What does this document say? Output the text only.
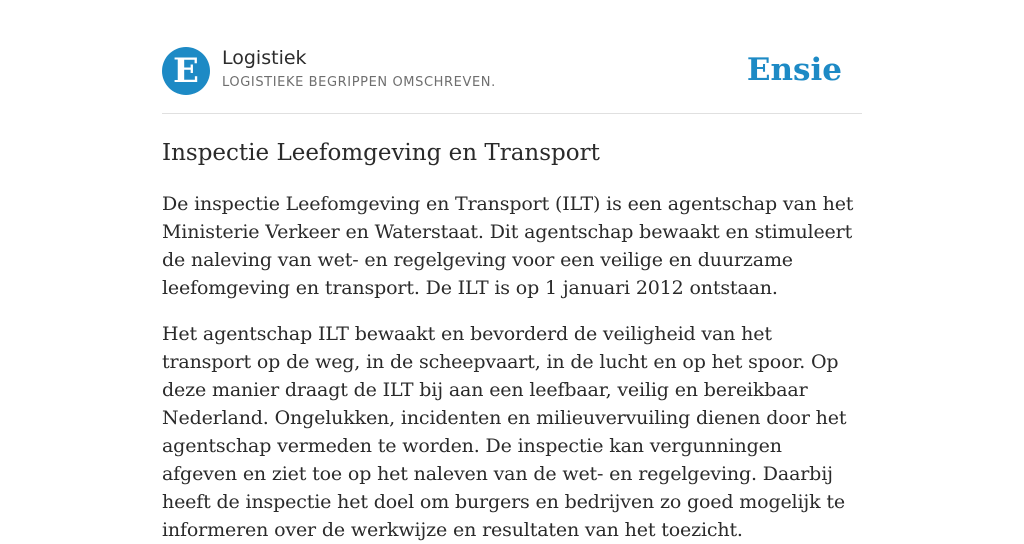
E	Logistiek
LOGISTIEKE BEGRIPPEN OMSCHREVEN.	Ensie
Inspectie Leefomgeving en Transport

De inspectie Leefomgeving en Transport (ILT) is een agentschap van het Ministerie Verkeer en Waterstaat. Dit agentschap bewaakt en stimuleert de naleving van wet- en regelgeving voor een veilige en duurzame leefomgeving en transport. De ILT is op 1 januari 2012 ontstaan.

Het agentschap ILT bewaakt en bevorderd de veiligheid van het transport op de weg, in de scheepvaart, in de lucht en op het spoor. Op deze manier draagt de ILT bij aan een leefbaar, veilig en bereikbaar Nederland. Ongelukken, incidenten en milieuvervuiling dienen door het agentschap vermeden te worden. De inspectie kan vergunningen afgeven en ziet toe op het naleven van de wet- en regelgeving. Daarbij heeft de inspectie het doel om burgers en bedrijven zo goed mogelijk te informeren over de werkwijze en resultaten van het toezicht.
